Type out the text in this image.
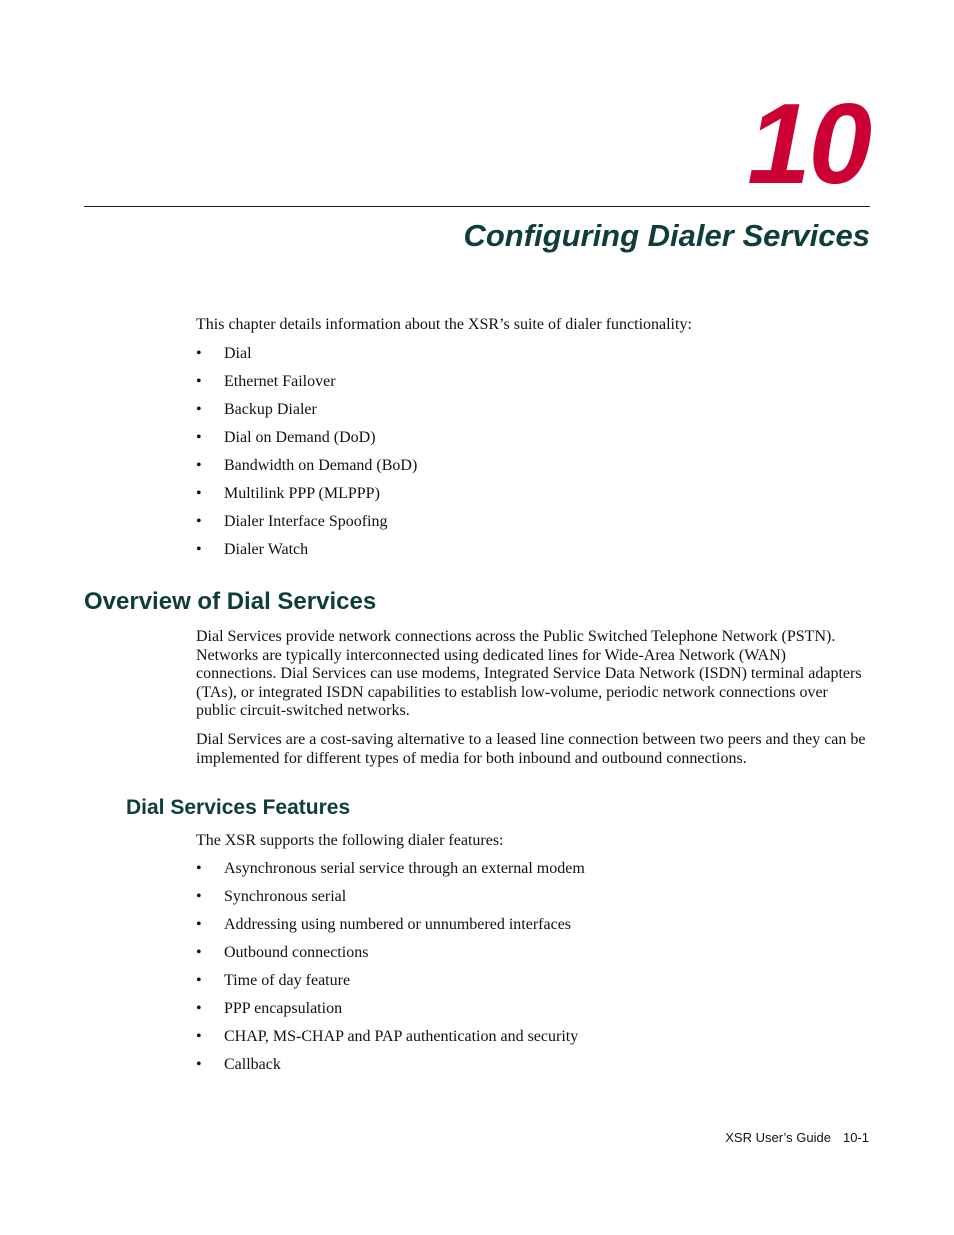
10
Configuring Dialer Services

This chapter details information about the XSR’s suite of dialer functionality:

• Dial
• Ethernet Failover
• Backup Dialer
• Dial on Demand (DoD)
• Bandwidth on Demand (BoD)
• Multilink PPP (MLPPP)
• Dialer Interface Spoofing
• Dialer Watch
Overview of Dial Services

Dial Services provide network connections across the Public Switched Telephone Network (PSTN). Networks are typically interconnected using dedicated lines for Wide-Area Network (WAN) connections. Dial Services can use modems, Integrated Service Data Network (ISDN) terminal adapters (TAs), or integrated ISDN capabilities to establish low-volume, periodic network connections over public circuit-switched networks.

Dial Services are a cost-saving alternative to a leased line connection between two peers and they can be implemented for different types of media for both inbound and outbound connections.

Dial Services Features

The XSR supports the following dialer features:

• Asynchronous serial service through an external modem
• Synchronous serial
• Addressing using numbered or unnumbered interfaces
• Outbound connections
• Time of day feature
• PPP encapsulation
• CHAP, MS-CHAP and PAP authentication and security
• Callback
XSR User’s Guide 10-1
